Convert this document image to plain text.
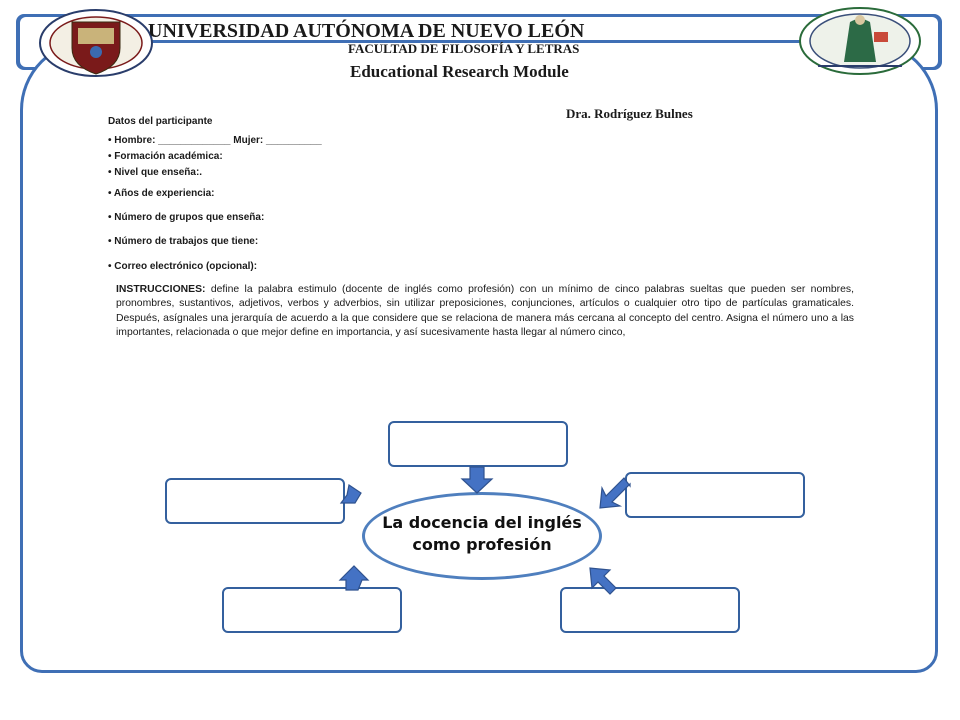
UNIVERSIDAD AUTÓNOMA DE NUEVO LEÓN
FACULTAD DE FILOSOFÍA Y LETRAS
Educational Research Module
Dra. Rodríguez Bulnes
Datos del participante
• Hombre: _____________ Mujer: __________
• Formación académica:
• Nivel que enseña:.
• Años de experiencia:
• Número de grupos que enseña:
• Número de trabajos que tiene:
• Correo electrónico (opcional):
INSTRUCCIONES: define la palabra estimulo (docente de inglés como profesión) con un mínimo de cinco palabras sueltas que pueden ser nombres, pronombres, sustantivos, adjetivos, verbos y adverbios, sin utilizar preposiciones, conjunciones, artículos o cualquier otro tipo de partículas gramaticales. Después, asígnales una jerarquía de acuerdo a la que considere que se relaciona de manera más cercana al concepto del centro. Asigna el número uno a las importantes, relacionada o que mejor define en importancia, y así sucesivamente hasta llegar al número cinco,
La docencia del inglés
como profesión
